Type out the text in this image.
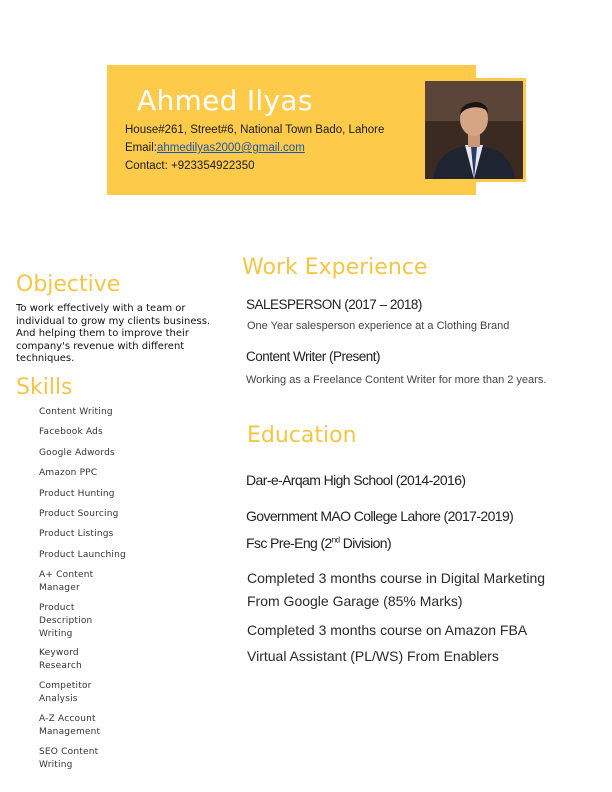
Ahmed Ilyas
House#261, Street#6, National Town Bado, Lahore
Email:ahmedilyas2000@gmail.com
Contact: +923354922350
Objective
To work effectively with a team or individual to grow my clients business. And helping them to improve their company's revenue with different techniques.
Skills
Content Writing
Facebook Ads
Google Adwords
Amazon PPC
Product Hunting
Product Sourcing
Product Listings
Product Launching
A+ Content Manager
Product Description Writing
Keyword Research
Competitor Analysis
A-Z Account Management
SEO Content Writing
Work Experience
SALESPERSON (2017 – 2018)
One Year salesperson experience at a Clothing Brand
Content Writer (Present)
Working as a Freelance Content Writer for more than 2 years.
Education
Dar-e-Arqam High School (2014-2016)
Government MAO College Lahore (2017-2019)
Fsc Pre-Eng (2nd Division)
Completed 3 months course in Digital Marketing
From Google Garage (85% Marks)
Completed 3 months course on Amazon FBA
Virtual Assistant (PL/WS) From Enablers
